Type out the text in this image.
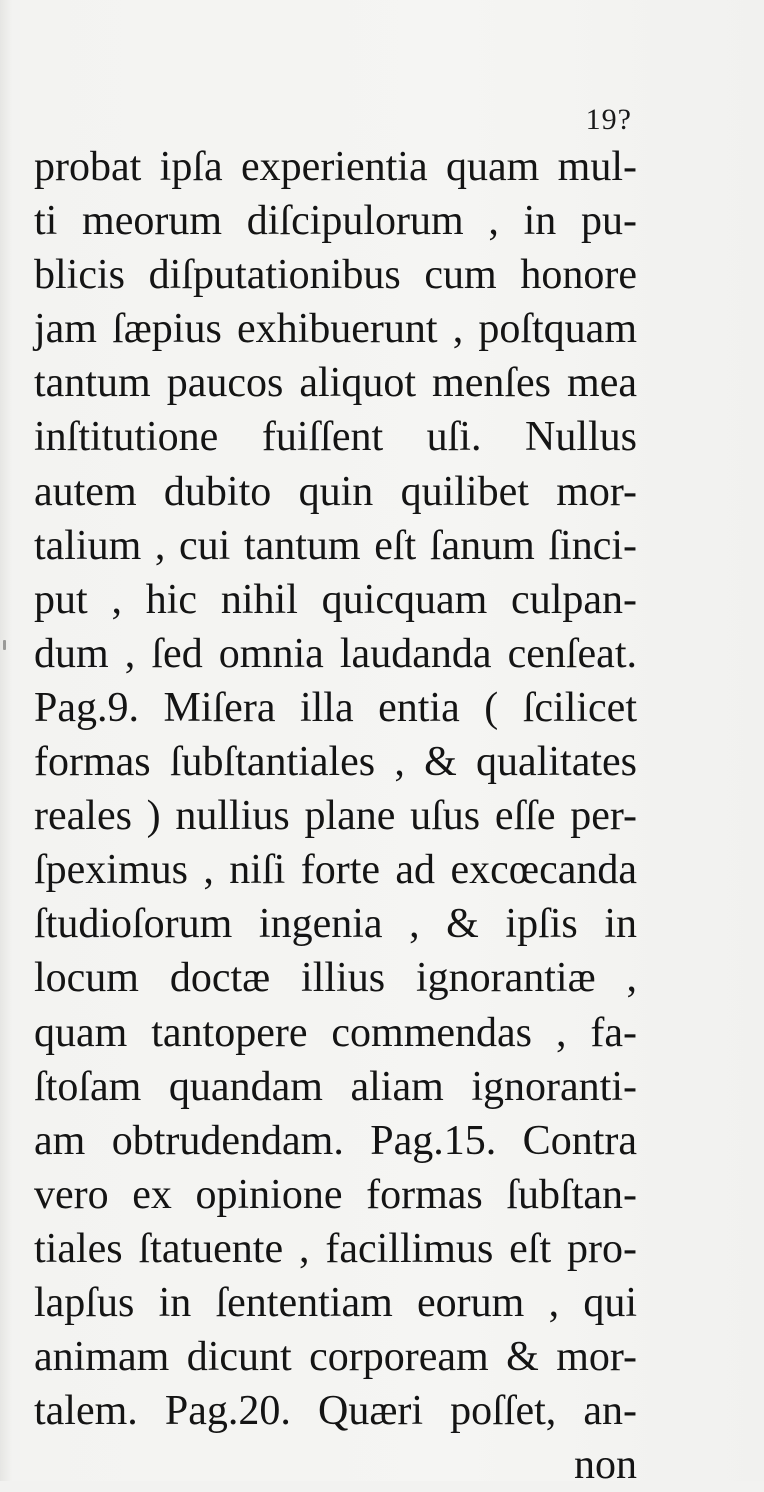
19?
probat ipſa experientia quam mul-
ti meorum diſcipulorum , in pu-
blicis diſputationibus cum honore
jam ſæpius exhibuerunt , poſtquam
tantum paucos aliquot menſes mea
inſtitutione fuiſſent uſi. Nullus
autem dubito quin quilibet mor-
talium , cui tantum eſt ſanum ſinci-
put , hic nihil quicquam culpan-
dum , ſed omnia laudanda cenſeat.
Pag.9. Miſera illa entia ( ſcilicet
formas ſubſtantiales , & qualitates
reales ) nullius plane uſus eſſe per-
ſpeximus , niſi forte ad excœcanda
ſtudioſorum ingenia , & ipſis in
locum doctæ illius ignorantiæ ,
quam tantopere commendas , fa-
ſtoſam quandam aliam ignoranti-
am obtrudendam. Pag.15. Contra
vero ex opinione formas ſubſtan-
tiales ſtatuente , facillimus eſt pro-
lapſus in ſententiam eorum , qui
animam dicunt corpoream & mor-
talem. Pag.20. Quæri poſſet, an-
non
